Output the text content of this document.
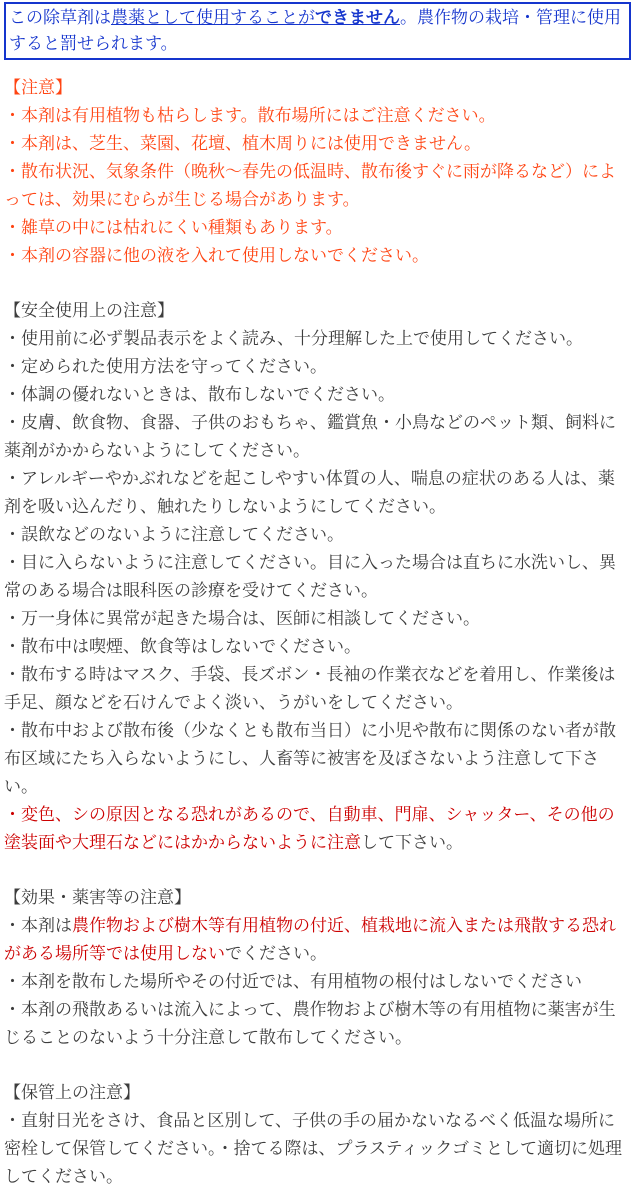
この除草剤は農薬として使用することができません。農作物の栽培・管理に使用すると罰せられます。
【注意】
・本剤は有用植物も枯らします。散布場所にはご注意ください。
・本剤は、芝生、菜園、花壇、植木周りには使用できません。
・散布状況、気象条件（晩秋～春先の低温時、散布後すぐに雨が降るなど）によっては、効果にむらが生じる場合があります。
・雑草の中には枯れにくい種類もあります。
・本剤の容器に他の液を入れて使用しないでください。
【安全使用上の注意】
・使用前に必ず製品表示をよく読み、十分理解した上で使用してください。
・定められた使用方法を守ってください。
・体調の優れないときは、散布しないでください。
・皮膚、飲食物、食器、子供のおもちゃ、鑑賞魚・小鳥などのペット類、飼料に薬剤がかからないようにしてください。
・アレルギーやかぶれなどを起こしやすい体質の人、喘息の症状のある人は、薬剤を吸い込んだり、触れたりしないようにしてください。
・誤飲などのないように注意してください。
・目に入らないように注意してください。目に入った場合は直ちに水洗いし、異常のある場合は眼科医の診療を受けてください。
・万一身体に異常が起きた場合は、医師に相談してください。
・散布中は喫煙、飲食等はしないでください。
・散布する時はマスク、手袋、長ズボン・長袖の作業衣などを着用し、作業後は手足、顔などを石けんでよく淡い、うがいをしてください。
・散布中および散布後（少なくとも散布当日）に小児や散布に関係のない者が散布区域にたち入らないようにし、人畜等に被害を及ぼさないよう注意して下さい。
・変色、シの原因となる恐れがあるので、自動車、門扉、シャッター、その他の塗装面や大理石などにはかからないように注意して下さい。
【効果・薬害等の注意】
・本剤は農作物および樹木等有用植物の付近、植栽地に流入または飛散する恐れがある場所等では使用しないでください。
・本剤を散布した場所やその付近では、有用植物の根付はしないでください
・本剤の飛散あるいは流入によって、農作物および樹木等の有用植物に薬害が生じることのないよう十分注意して散布してください。
【保管上の注意】
・直射日光をさけ、食品と区別して、子供の手の届かないなるべく低温な場所に密栓して保管してください。・捨てる際は、プラスティックゴミとして適切に処理してください。
